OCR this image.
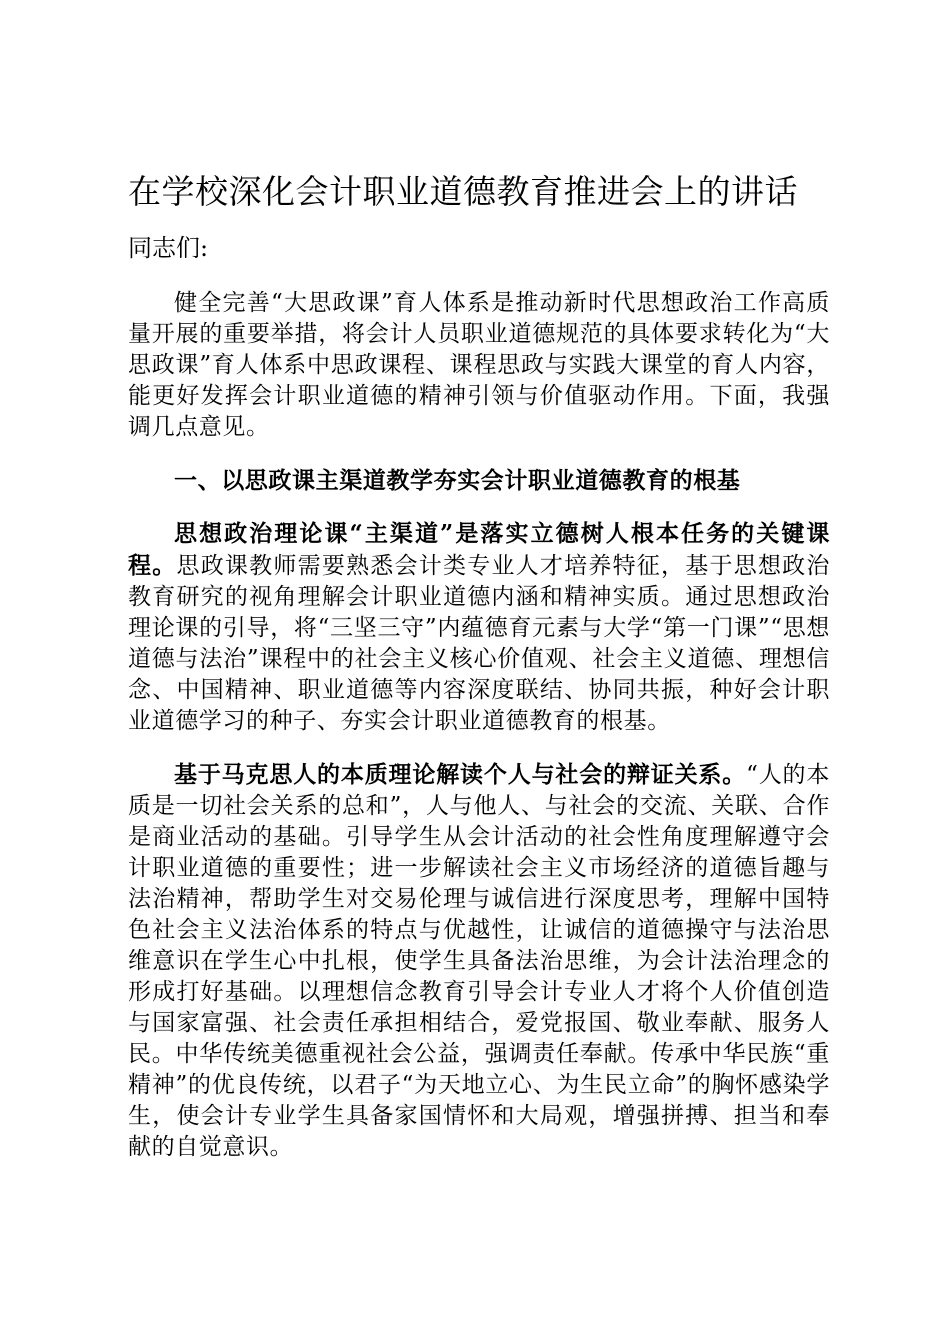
在学校深化会计职业道德教育推进会上的讲话

同志们:

健全完善“大思政课”育人体系是推动新时代思想政治工作高质量开展的重要举措，将会计人员职业道德规范的具体要求转化为“大思政课”育人体系中思政课程、课程思政与实践大课堂的育人内容，能更好发挥会计职业道德的精神引领与价值驱动作用。下面，我强调几点意见。

一、以思政课主渠道教学夯实会计职业道德教育的根基

思想政治理论课“主渠道”是落实立德树人根本任务的关键课程。思政课教师需要熟悉会计类专业人才培养特征，基于思想政治教育研究的视角理解会计职业道德内涵和精神实质。通过思想政治理论课的引导，将“三坚三守”内蕴德育元素与大学“第一门课”“思想道德与法治”课程中的社会主义核心价值观、社会主义道德、理想信念、中国精神、职业道德等内容深度联结、协同共振，种好会计职业道德学习的种子、夯实会计职业道德教育的根基。

基于马克思人的本质理论解读个人与社会的辩证关系。“人的本质是一切社会关系的总和”，人与他人、与社会的交流、关联、合作是商业活动的基础。引导学生从会计活动的社会性角度理解遵守会计职业道德的重要性；进一步解读社会主义市场经济的道德旨趣与法治精神，帮助学生对交易伦理与诚信进行深度思考，理解中国特色社会主义法治体系的特点与优越性，让诚信的道德操守与法治思维意识在学生心中扎根，使学生具备法治思维，为会计法治理念的形成打好基础。以理想信念教育引导会计专业人才将个人价值创造与国家富强、社会责任承担相结合，爱党报国、敬业奉献、服务人民。中华传统美德重视社会公益，强调责任奉献。传承中华民族“重精神”的优良传统，以君子“为天地立心、为生民立命”的胸怀感染学生，使会计专业学生具备家国情怀和大局观，增强拼搏、担当和奉献的自觉意识。
